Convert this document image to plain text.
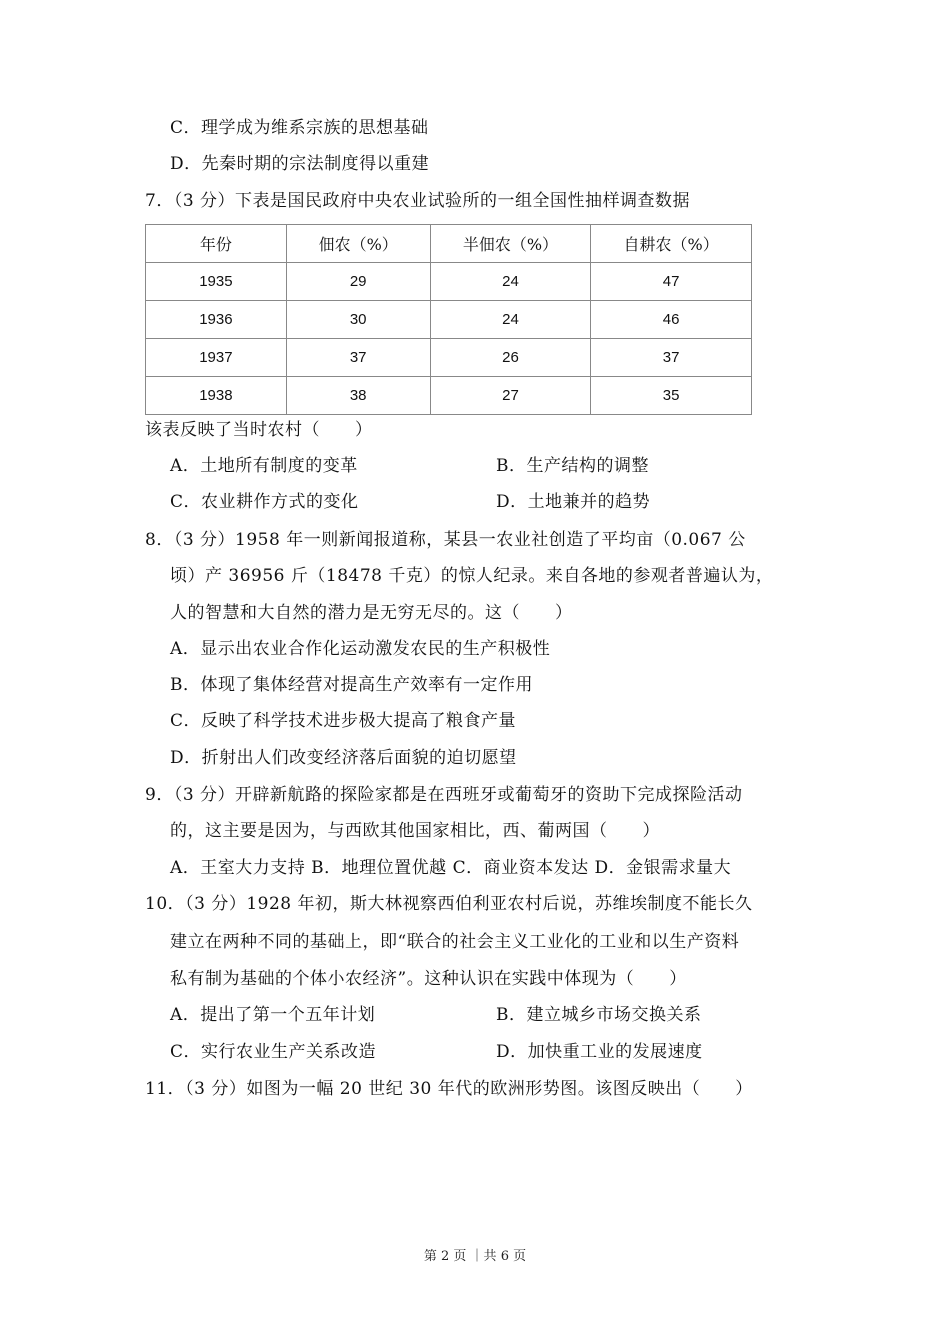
C．理学成为维系宗族的思想基础
D．先秦时期的宗法制度得以重建
7．（3 分）下表是国民政府中央农业试验所的一组全国性抽样调查数据
年份	佃农（%）	半佃农（%）	自耕农（%）
1935	29	24	47
1936	30	24	46
1937	37	26	37
1938	38	27	35
该表反映了当时农村（　　）
A．土地所有制度的变革	B．生产结构的调整
C．农业耕作方式的变化	D．土地兼并的趋势
8．（3 分）1958 年一则新闻报道称，某县一农业社创造了平均亩（0.067 公
顷）产 36956 斤（18478 千克）的惊人纪录。来自各地的参观者普遍认为，
人的智慧和大自然的潜力是无穷无尽的。这（　　）
A．显示出农业合作化运动激发农民的生产积极性
B．体现了集体经营对提高生产效率有一定作用
C．反映了科学技术进步极大提高了粮食产量
D．折射出人们改变经济落后面貌的迫切愿望
9．（3 分）开辟新航路的探险家都是在西班牙或葡萄牙的资助下完成探险活动
的，这主要是因为，与西欧其他国家相比，西、葡两国（　　）
A．王室大力支持 B．地理位置优越 C．商业资本发达 D．金银需求量大
10．（3 分）1928 年初，斯大林视察西伯利亚农村后说，苏维埃制度不能长久
建立在两种不同的基础上，即“联合的社会主义工业化的工业和以生产资料
私有制为基础的个体小农经济”。这种认识在实践中体现为（　　）
A．提出了第一个五年计划	B．建立城乡市场交换关系
C．实行农业生产关系改造	D．加快重工业的发展速度
11．（3 分）如图为一幅 20 世纪 30 年代的欧洲形势图。该图反映出（　　）
第 2 页 ｜共 6 页
